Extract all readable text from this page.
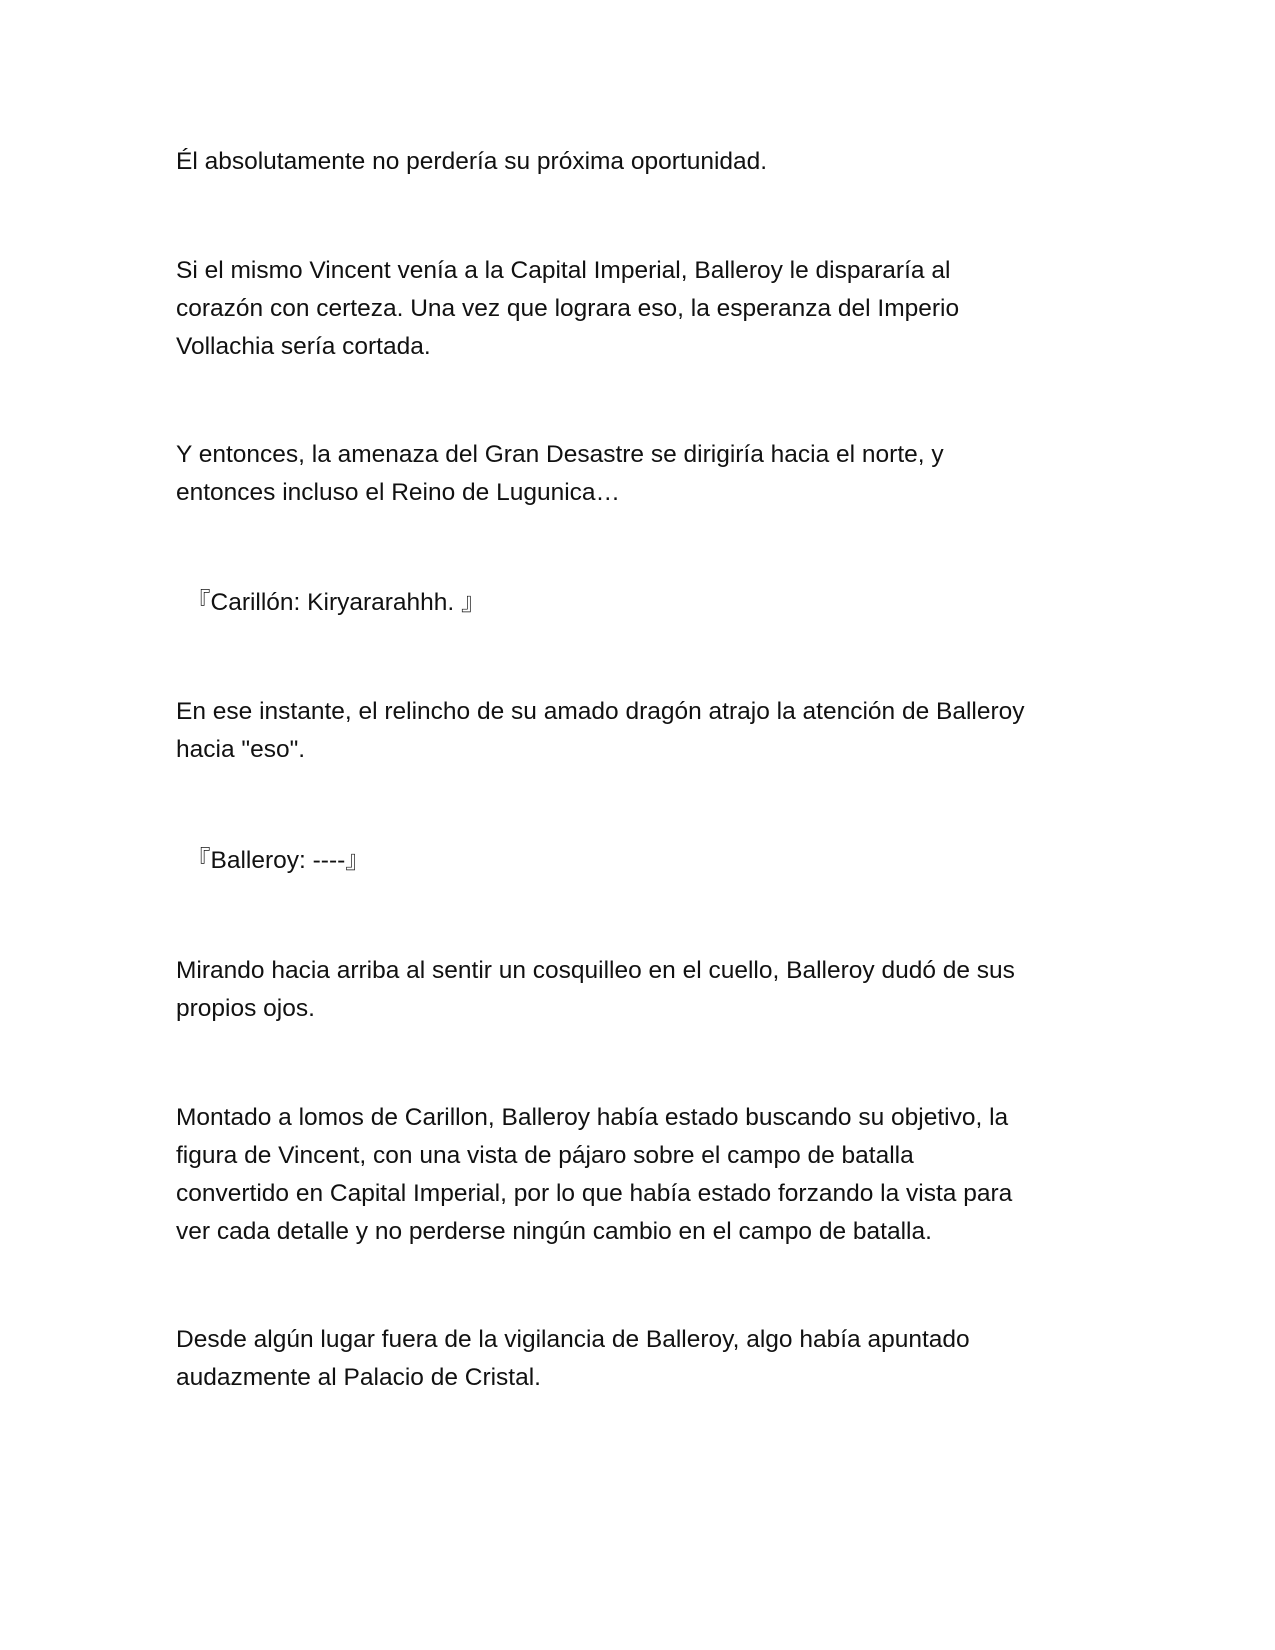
Él absolutamente no perdería su próxima oportunidad.

Si el mismo Vincent venía a la Capital Imperial, Balleroy le dispararía al
corazón con certeza. Una vez que lograra eso, la esperanza del Imperio
Vollachia sería cortada.

Y entonces, la amenaza del Gran Desastre se dirigiría hacia el norte, y
entonces incluso el Reino de Lugunica…

『Carillón: Kiryararahhh. 』

En ese instante, el relincho de su amado dragón atrajo la atención de Balleroy
hacia "eso".

『Balleroy: ----』

Mirando hacia arriba al sentir un cosquilleo en el cuello, Balleroy dudó de sus
propios ojos.

Montado a lomos de Carillon, Balleroy había estado buscando su objetivo, la
figura de Vincent, con una vista de pájaro sobre el campo de batalla
convertido en Capital Imperial, por lo que había estado forzando la vista para
ver cada detalle y no perderse ningún cambio en el campo de batalla.

Desde algún lugar fuera de la vigilancia de Balleroy, algo había apuntado
audazmente al Palacio de Cristal.
